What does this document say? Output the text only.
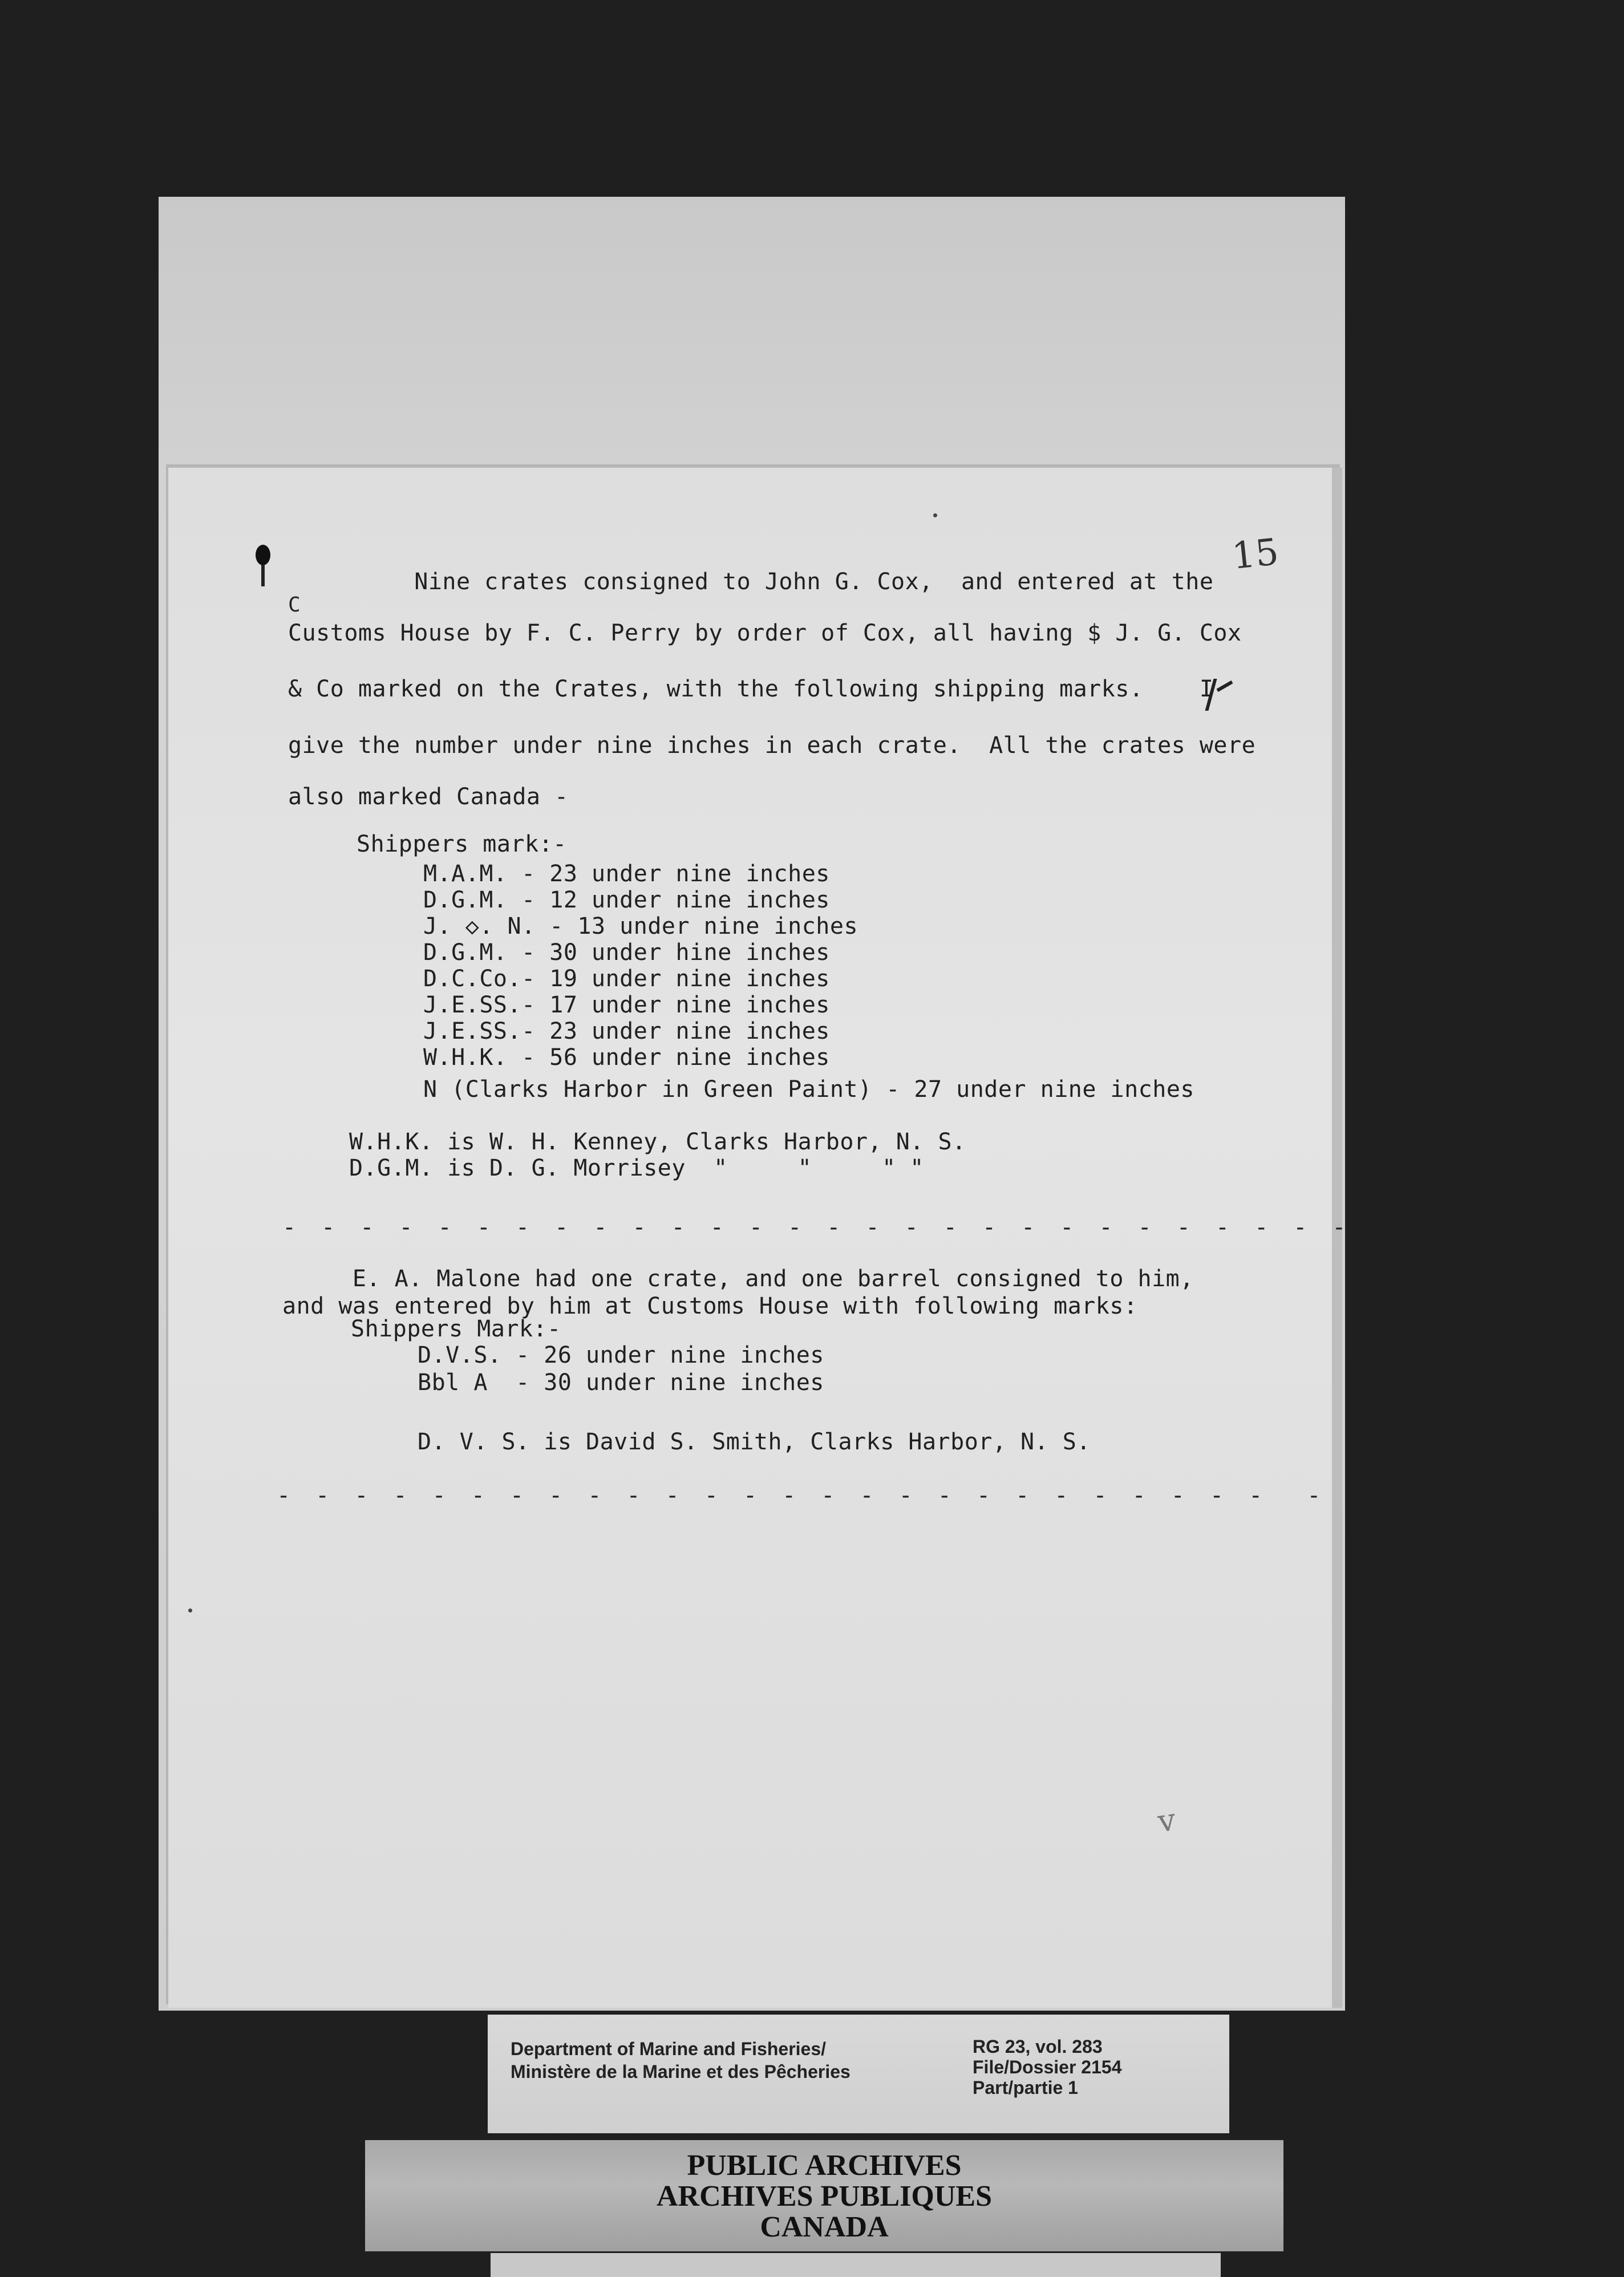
15
C
Nine crates consigned to John G. Cox,  and entered at the
Customs House by F. C. Perry by order of Cox, all having $ J. G. Cox
& Co marked on the Crates, with the following shipping marks.    I
give the number under nine inches in each crate.  All the crates were
also marked Canada -
Shippers mark:-
M.A.M. - 23 under nine inches
D.G.M. - 12 under nine inches
J. ◇. N. - 13 under nine inches
D.G.M. - 30 under hine inches
D.C.Co.- 19 under nine inches
J.E.SS.- 17 under nine inches
J.E.SS.- 23 under nine inches
W.H.K. - 56 under nine inches
N (Clarks Harbor in Green Paint) - 27 under nine inches
W.H.K. is W. H. Kenney, Clarks Harbor, N. S.
D.G.M. is D. G. Morrisey  "     "     " "
- - - - - - - - - - - - - - - - - - - - - - - - - - - - - - - - - - -
E. A. Malone had one crate, and one barrel consigned to him,
and was entered by him at Customs House with following marks:
Shippers Mark:-
D.V.S. - 26 under nine inches
Bbl A  - 30 under nine inches
D. V. S. is David S. Smith, Clarks Harbor, N. S.
- - - - - - - - - - - - - - - - - - - - - - - - - -  -  - - - -
v
Department of Marine and Fisheries/
Ministère de la Marine et des Pêcheries
RG 23, vol. 283
File/Dossier 2154
Part/partie 1
PUBLIC ARCHIVES
ARCHIVES PUBLIQUES
CANADA
